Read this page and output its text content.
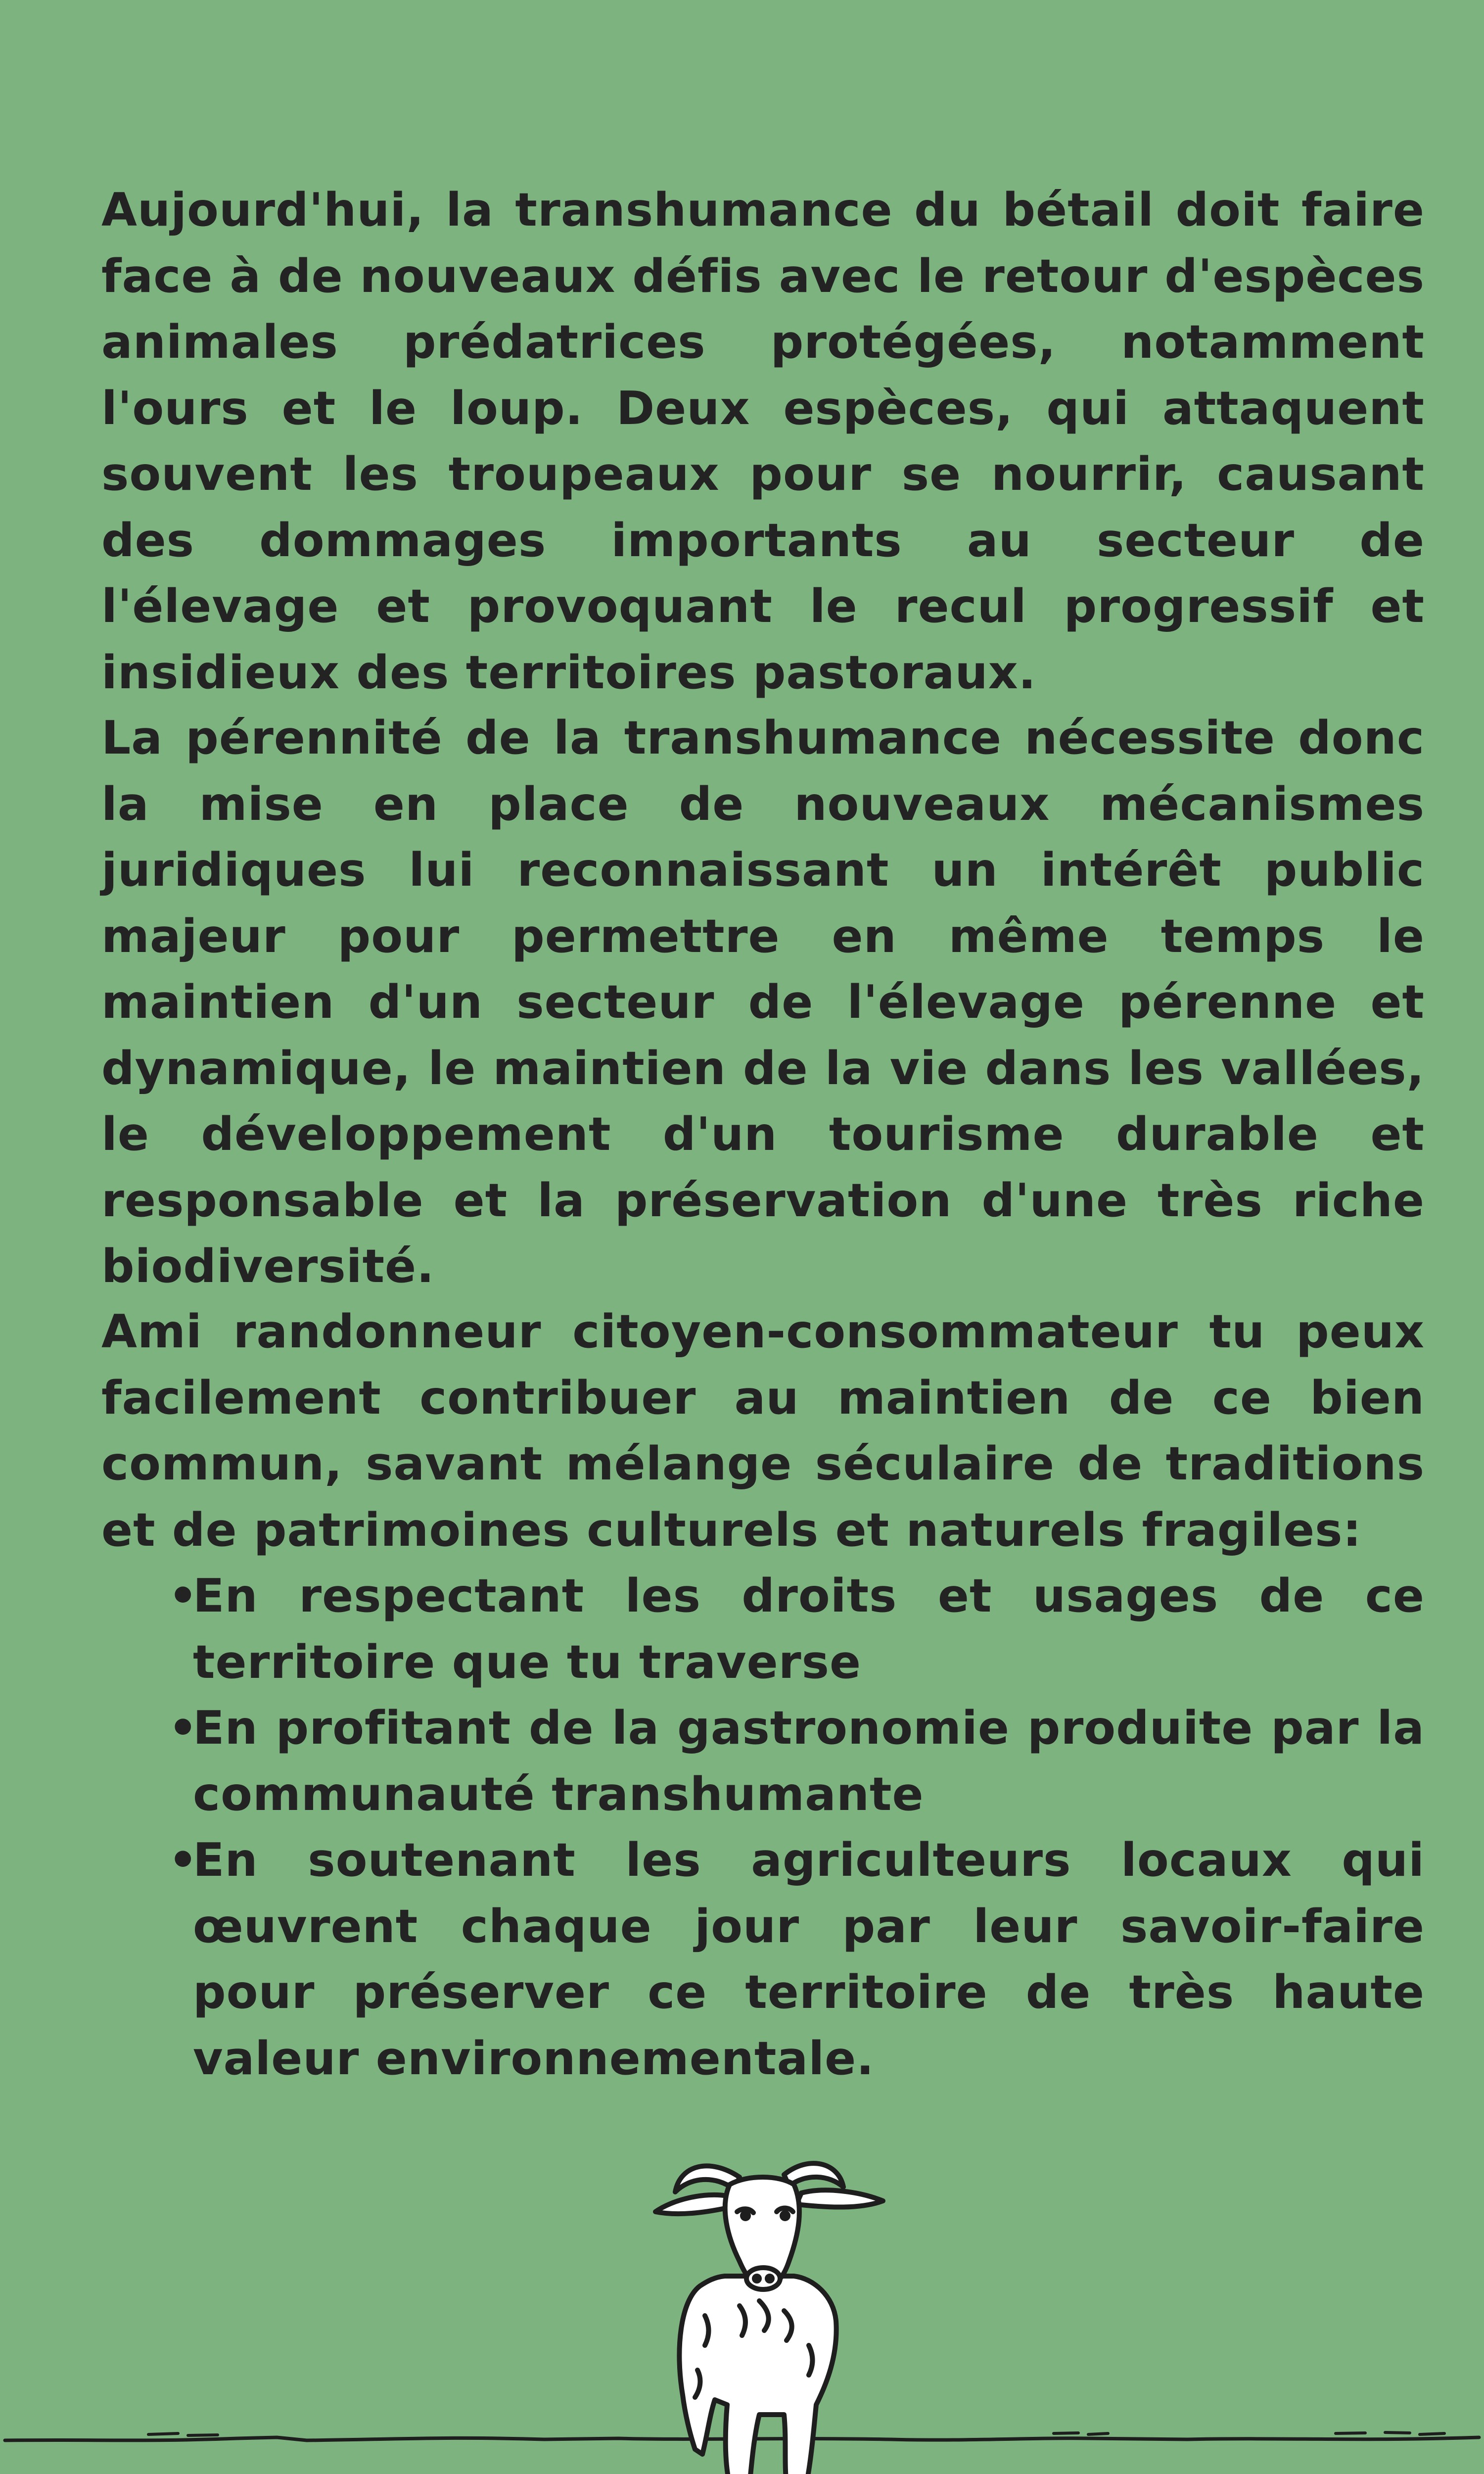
Aujourd'hui, la transhumance du bétail doit faire face à de nouveaux défis avec le retour d'espèces animales prédatrices protégées, notamment l'ours et le loup. Deux espèces, qui attaquent souvent les troupeaux pour se nourrir, causant des dommages importants au secteur de l'élevage et provoquant le recul progressif et insidieux des territoires pastoraux.

La pérennité de la transhumance nécessite donc la mise en place de nouveaux mécanismes juridiques lui reconnaissant un intérêt public majeur pour permettre en même temps le maintien d'un secteur de l'élevage pérenne et dynamique, le maintien de la vie dans les vallées, le développement d'un tourisme durable et responsable et la préservation d'une très riche biodiversité.

Ami randonneur citoyen-consommateur tu peux facilement contribuer au maintien de ce bien commun, savant mélange séculaire de traditions et de patrimoines culturels et naturels fragiles:

• En respectant les droits et usages de ce territoire que tu traverse
• En profitant de la gastronomie produite par la communauté transhumante
• En soutenant les agriculteurs locaux qui œuvrent chaque jour par leur savoir-faire pour préserver ce territoire de très haute valeur environnementale.
